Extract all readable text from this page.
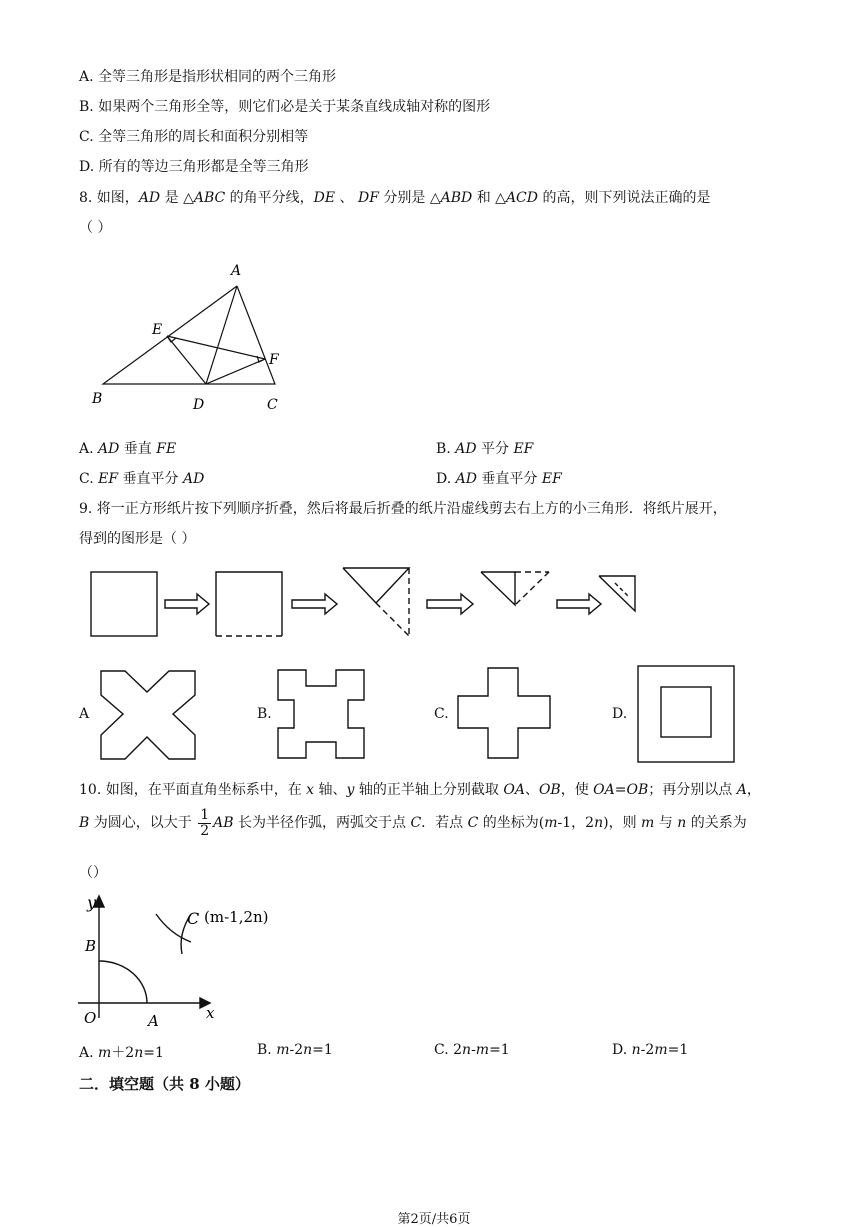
A. 全等三角形是指形状相同的两个三角形
B. 如果两个三角形全等，则它们必是关于某条直线成轴对称的图形
C. 全等三角形的周长和面积分别相等
D. 所有的等边三角形都是全等三角形
8. 如图，AD 是 △ABC 的角平分线，DE 、 DF 分别是 △ABD 和 △ACD 的高，则下列说法正确的是
（ ）
A
E
F
B	D	C
A. AD 垂直 FE	B. AD 平分 EF
C. EF 垂直平分 AD	D. AD 垂直平分 EF
9. 将一正方形纸片按下列顺序折叠，然后将最后折叠的纸片沿虚线剪去右上方的小三角形．将纸片展开，
得到的图形是（ ）
A	B.	C.	D.
10. 如图，在平面直角坐标系中，在 x 轴、y 轴的正半轴上分别截取 OA、OB，使 OA=OB；再分别以点 A，
B 为圆心，以大于 $\frac{1}{2}$ AB 长为半径作弧，两弧交于点 C．若点 C 的坐标为(m-1，2n)，则 m 与 n 的关系为
（）
y
B
O	A	x
C (m-1,2n)
A. m＋2n=1	B. m-2n=1	C. 2n-m=1	D. n-2m=1
二．填空题（共 8 小题）
第2页/共6页
